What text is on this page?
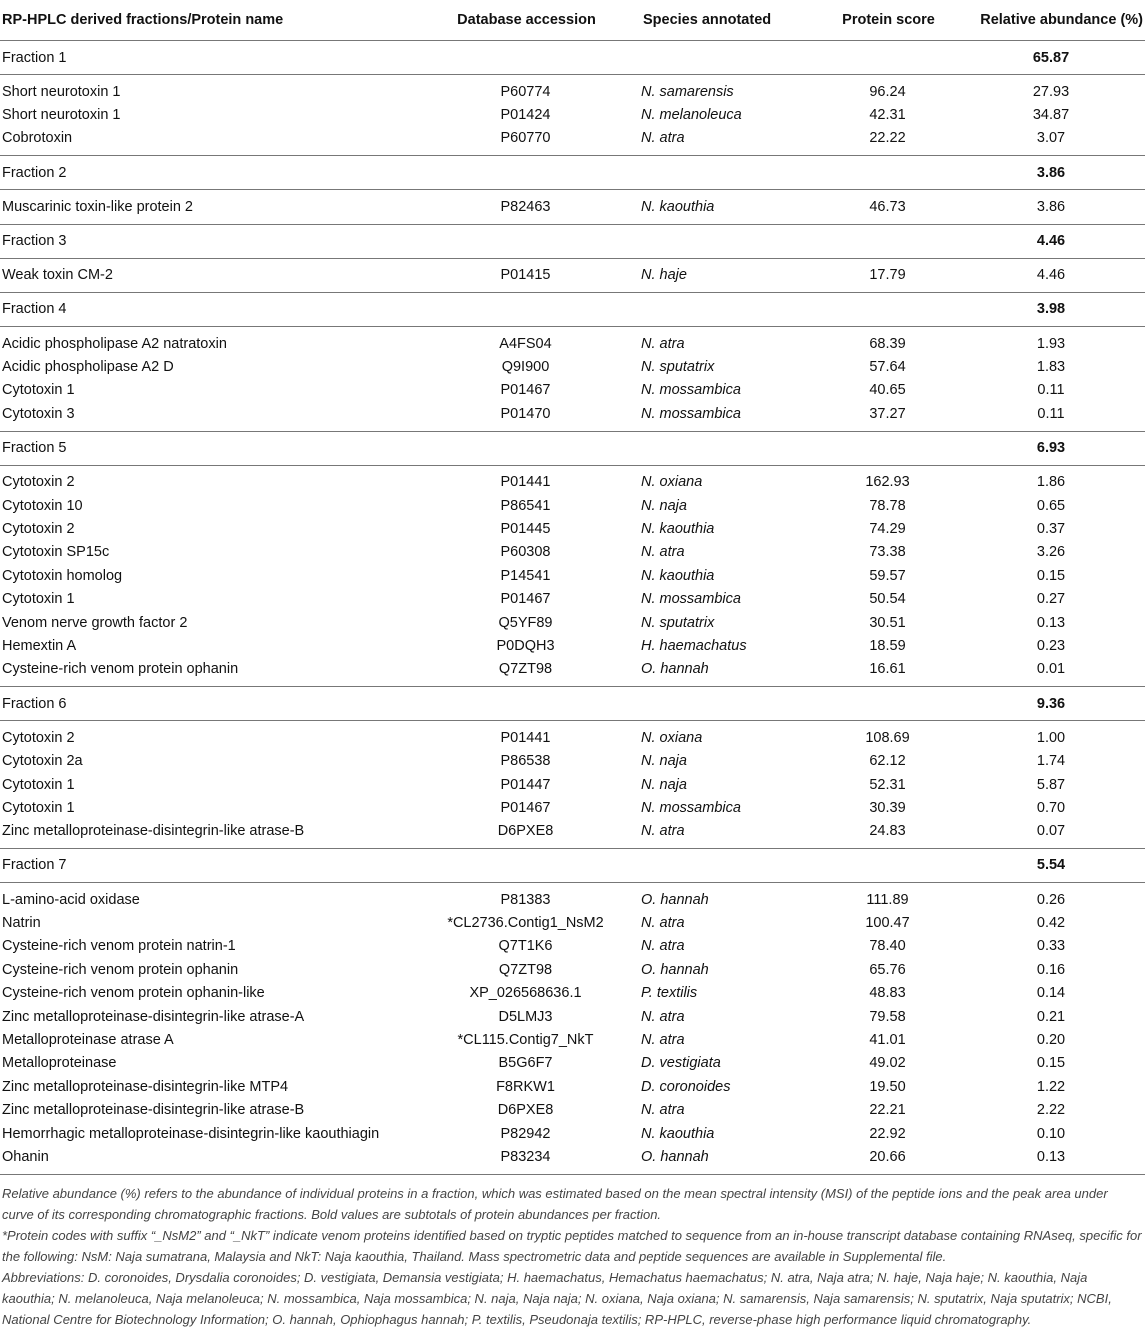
RP-HPLC derived fractions/Protein name	Database accession	Species annotated	Protein score	Relative abundance (%)
Fraction 1				65.87
Short neurotoxin 1	P60774	N. samarensis	96.24	27.93
Short neurotoxin 1	P01424	N. melanoleuca	42.31	34.87
Cobrotoxin	P60770	N. atra	22.22	3.07
Fraction 2				3.86
Muscarinic toxin-like protein 2	P82463	N. kaouthia	46.73	3.86
Fraction 3				4.46
Weak toxin CM-2	P01415	N. haje	17.79	4.46
Fraction 4				3.98
Acidic phospholipase A2 natratoxin	A4FS04	N. atra	68.39	1.93
Acidic phospholipase A2 D	Q9I900	N. sputatrix	57.64	1.83
Cytotoxin 1	P01467	N. mossambica	40.65	0.11
Cytotoxin 3	P01470	N. mossambica	37.27	0.11
Fraction 5				6.93
Cytotoxin 2	P01441	N. oxiana	162.93	1.86
Cytotoxin 10	P86541	N. naja	78.78	0.65
Cytotoxin 2	P01445	N. kaouthia	74.29	0.37
Cytotoxin SP15c	P60308	N. atra	73.38	3.26
Cytotoxin homolog	P14541	N. kaouthia	59.57	0.15
Cytotoxin 1	P01467	N. mossambica	50.54	0.27
Venom nerve growth factor 2	Q5YF89	N. sputatrix	30.51	0.13
Hemextin A	P0DQH3	H. haemachatus	18.59	0.23
Cysteine-rich venom protein ophanin	Q7ZT98	O. hannah	16.61	0.01
Fraction 6				9.36
Cytotoxin 2	P01441	N. oxiana	108.69	1.00
Cytotoxin 2a	P86538	N. naja	62.12	1.74
Cytotoxin 1	P01447	N. naja	52.31	5.87
Cytotoxin 1	P01467	N. mossambica	30.39	0.70
Zinc metalloproteinase-disintegrin-like atrase-B	D6PXE8	N. atra	24.83	0.07
Fraction 7				5.54
L-amino-acid oxidase	P81383	O. hannah	111.89	0.26
Natrin	*CL2736.Contig1_NsM2	N. atra	100.47	0.42
Cysteine-rich venom protein natrin-1	Q7T1K6	N. atra	78.40	0.33
Cysteine-rich venom protein ophanin	Q7ZT98	O. hannah	65.76	0.16
Cysteine-rich venom protein ophanin-like	XP_026568636.1	P. textilis	48.83	0.14
Zinc metalloproteinase-disintegrin-like atrase-A	D5LMJ3	N. atra	79.58	0.21
Metalloproteinase atrase A	*CL115.Contig7_NkT	N. atra	41.01	0.20
Metalloproteinase	B5G6F7	D. vestigiata	49.02	0.15
Zinc metalloproteinase-disintegrin-like MTP4	F8RKW1	D. coronoides	19.50	1.22
Zinc metalloproteinase-disintegrin-like atrase-B	D6PXE8	N. atra	22.21	2.22
Hemorrhagic metalloproteinase-disintegrin-like kaouthiagin	P82942	N. kaouthia	22.92	0.10
Ohanin	P83234	O. hannah	20.66	0.13

Relative abundance (%) refers to the abundance of individual proteins in a fraction, which was estimated based on the mean spectral intensity (MSI) of the peptide ions and the peak area under curve of its corresponding chromatographic fractions. Bold values are subtotals of protein abundances per fraction.

*Protein codes with suffix “_NsM2” and “_NkT” indicate venom proteins identified based on tryptic peptides matched to sequence from an in-house transcript database containing RNAseq, specific for the following: NsM: Naja sumatrana, Malaysia and NkT: Naja kaouthia, Thailand. Mass spectrometric data and peptide sequences are available in Supplemental file.

Abbreviations: D. coronoides, Drysdalia coronoides; D. vestigiata, Demansia vestigiata; H. haemachatus, Hemachatus haemachatus; N. atra, Naja atra; N. haje, Naja haje; N. kaouthia, Naja kaouthia; N. melanoleuca, Naja melanoleuca; N. mossambica, Naja mossambica; N. naja, Naja naja; N. oxiana, Naja oxiana; N. samarensis, Naja samarensis; N. sputatrix, Naja sputatrix; NCBI, National Centre for Biotechnology Information; O. hannah, Ophiophagus hannah; P. textilis, Pseudonaja textilis; RP-HPLC, reverse-phase high performance liquid chromatography.
